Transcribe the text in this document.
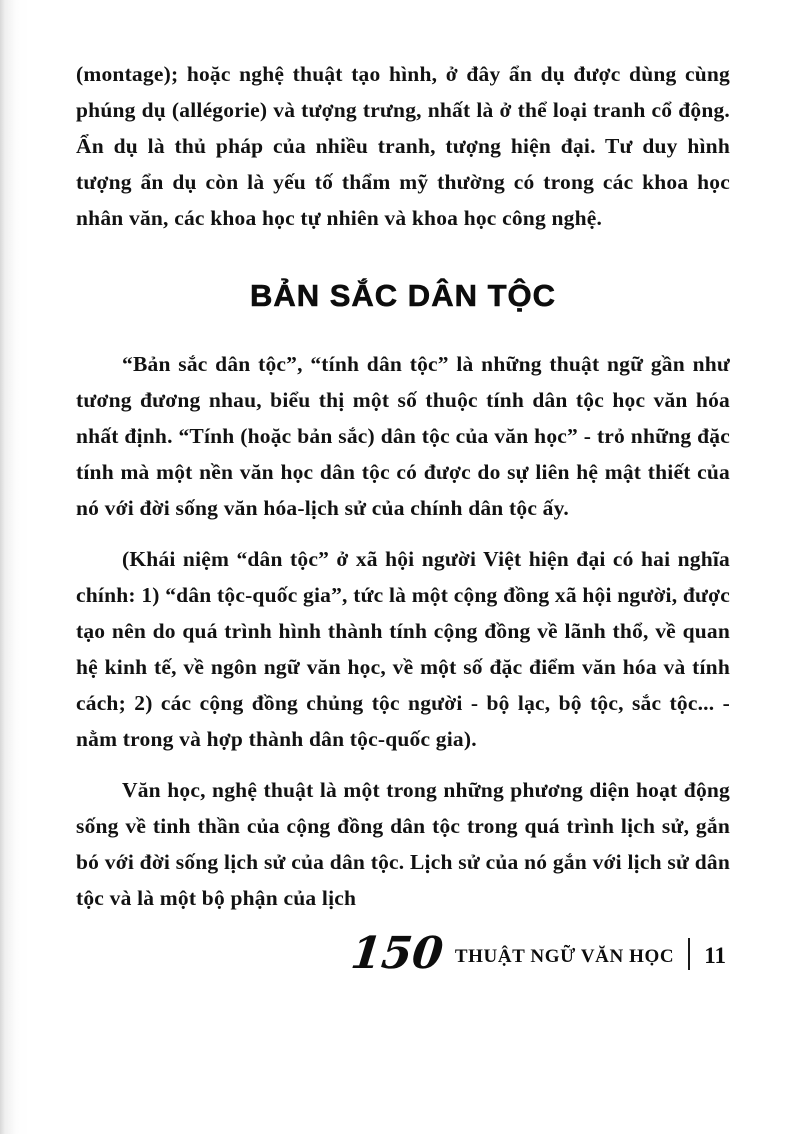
(montage); hoặc nghệ thuật tạo hình, ở đây ẩn dụ được dùng cùng phúng dụ (allégorie) và tượng trưng, nhất là ở thể loại tranh cổ động. Ẩn dụ là thủ pháp của nhiều tranh, tượng hiện đại. Tư duy hình tượng ẩn dụ còn là yếu tố thẩm mỹ thường có trong các khoa học nhân văn, các khoa học tự nhiên và khoa học công nghệ.

BẢN SẮC DÂN TỘC

“Bản sắc dân tộc”, “tính dân tộc” là những thuật ngữ gần như tương đương nhau, biểu thị một số thuộc tính dân tộc học văn hóa nhất định. “Tính (hoặc bản sắc) dân tộc của văn học” - trỏ những đặc tính mà một nền văn học dân tộc có được do sự liên hệ mật thiết của nó với đời sống văn hóa-lịch sử của chính dân tộc ấy.

(Khái niệm “dân tộc” ở xã hội người Việt hiện đại có hai nghĩa chính: 1) “dân tộc-quốc gia”, tức là một cộng đồng xã hội người, được tạo nên do quá trình hình thành tính cộng đồng về lãnh thổ, về quan hệ kinh tế, về ngôn ngữ văn học, về một số đặc điểm văn hóa và tính cách; 2) các cộng đồng chủng tộc người - bộ lạc, bộ tộc, sắc tộc... - nằm trong và hợp thành dân tộc-quốc gia).

Văn học, nghệ thuật là một trong những phương diện hoạt động sống về tinh thần của cộng đồng dân tộc trong quá trình lịch sử, gắn bó với đời sống lịch sử của dân tộc. Lịch sử của nó gắn với lịch sử dân tộc và là một bộ phận của lịch

150 THUẬT NGỮ VĂN HỌC 11
